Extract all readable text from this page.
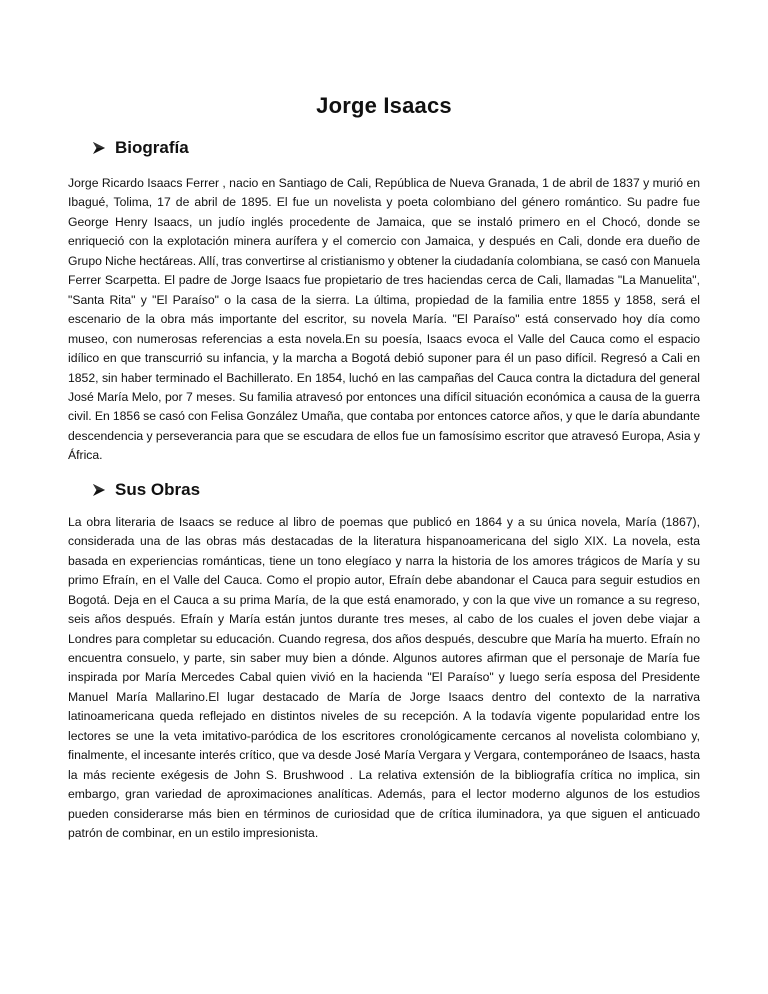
Jorge Isaacs
Biografía

Jorge Ricardo Isaacs Ferrer , nacio en Santiago de Cali, República de Nueva Granada, 1 de abril de 1837 y murió en Ibagué, Tolima, 17 de abril de 1895. El fue un novelista y poeta colombiano del género romántico. Su padre fue George Henry Isaacs, un judío inglés procedente de Jamaica, que se instaló primero en el Chocó, donde se enriqueció con la explotación minera aurífera y el comercio con Jamaica, y después en Cali, donde era dueño de Grupo Niche hectáreas. Allí, tras convertirse al cristianismo y obtener la ciudadanía colombiana, se casó con Manuela Ferrer Scarpetta. El padre de Jorge Isaacs fue propietario de tres haciendas cerca de Cali, llamadas "La Manuelita", "Santa Rita" y "El Paraíso" o la casa de la sierra. La última, propiedad de la familia entre 1855 y 1858, será el escenario de la obra más importante del escritor, su novela María. "El Paraíso" está conservado hoy día como museo, con numerosas referencias a esta novela.En su poesía, Isaacs evoca el Valle del Cauca como el espacio idílico en que transcurrió su infancia, y la marcha a Bogotá debió suponer para él un paso difícil. Regresó a Cali en 1852, sin haber terminado el Bachillerato. En 1854, luchó en las campañas del Cauca contra la dictadura del general José María Melo, por 7 meses. Su familia atravesó por entonces una difícil situación económica a causa de la guerra civil. En 1856 se casó con Felisa González Umaña, que contaba por entonces catorce años, y que le daría abundante descendencia y perseverancia para que se escudara de ellos fue un famosísimo escritor que atravesó Europa, Asia y África.

Sus Obras

La obra literaria de Isaacs se reduce al libro de poemas que publicó en 1864 y a su única novela, María (1867), considerada una de las obras más destacadas de la literatura hispanoamericana del siglo XIX. La novela, esta basada en experiencias románticas, tiene un tono elegíaco y narra la historia de los amores trágicos de María y su primo Efraín, en el Valle del Cauca. Como el propio autor, Efraín debe abandonar el Cauca para seguir estudios en Bogotá. Deja en el Cauca a su prima María, de la que está enamorado, y con la que vive un romance a su regreso, seis años después. Efraín y María están juntos durante tres meses, al cabo de los cuales el joven debe viajar a Londres para completar su educación. Cuando regresa, dos años después, descubre que María ha muerto. Efraín no encuentra consuelo, y parte, sin saber muy bien a dónde. Algunos autores afirman que el personaje de María fue inspirada por María Mercedes Cabal quien vivió en la hacienda "El Paraíso" y luego sería esposa del Presidente Manuel María Mallarino.El lugar destacado de María de Jorge Isaacs dentro del contexto de la narrativa latinoamericana queda reflejado en distintos niveles de su recepción. A la todavía vigente popularidad entre los lectores se une la veta imitativo-paródica de los escritores cronológicamente cercanos al novelista colombiano y, finalmente, el incesante interés crítico, que va desde José María Vergara y Vergara, contemporáneo de Isaacs, hasta la más reciente exégesis de John S. Brushwood . La relativa extensión de la bibliografía crítica no implica, sin embargo, gran variedad de aproximaciones analíticas. Además, para el lector moderno algunos de los estudios pueden considerarse más bien en términos de curiosidad que de crítica iluminadora, ya que siguen el anticuado patrón de combinar, en un estilo impresionista.
